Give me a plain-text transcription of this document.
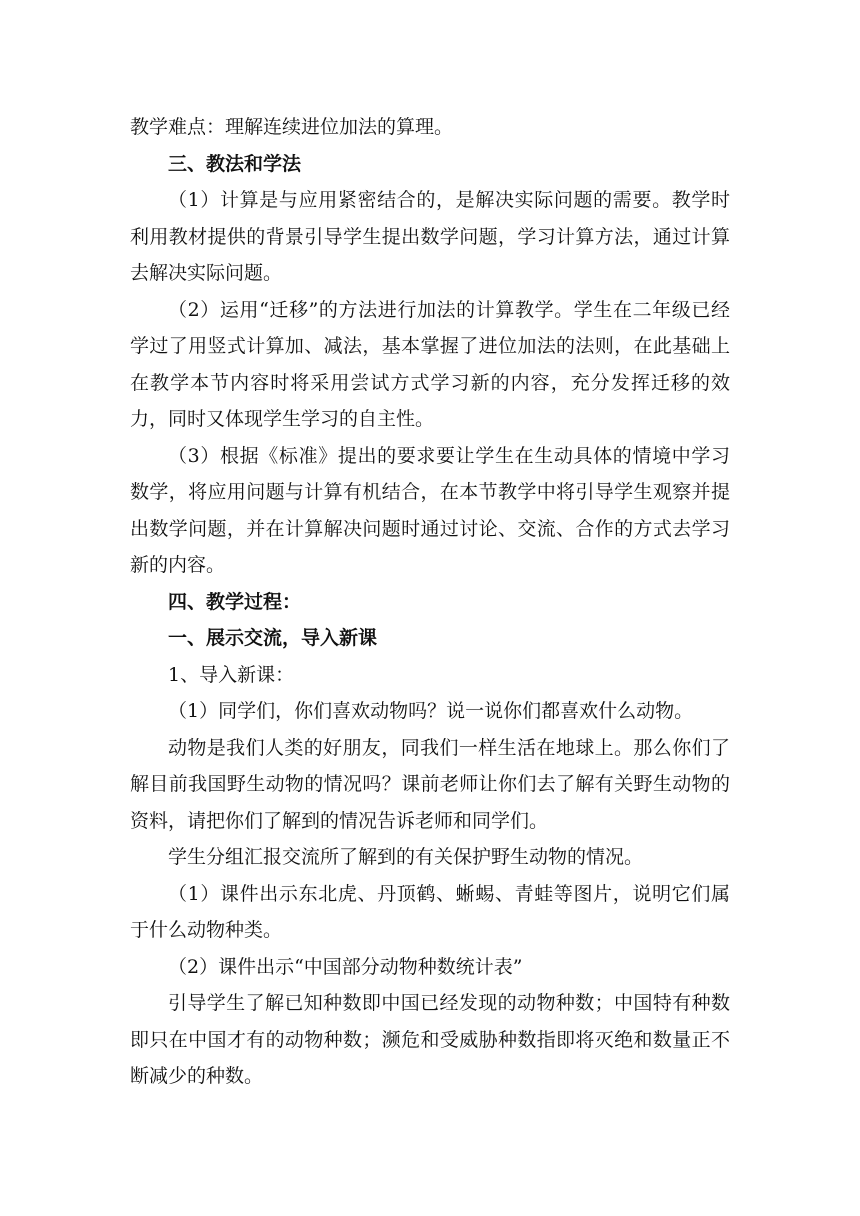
教学难点：理解连续进位加法的算理。

三、教法和学法

（1）计算是与应用紧密结合的，是解决实际问题的需要。教学时利用教材提供的背景引导学生提出数学问题，学习计算方法，通过计算去解决实际问题。

（2）运用“迁移”的方法进行加法的计算教学。学生在二年级已经学过了用竖式计算加、减法，基本掌握了进位加法的法则，在此基础上在教学本节内容时将采用尝试方式学习新的内容，充分发挥迁移的效力，同时又体现学生学习的自主性。

（3）根据《标准》提出的要求要让学生在生动具体的情境中学习数学，将应用问题与计算有机结合，在本节教学中将引导学生观察并提出数学问题，并在计算解决问题时通过讨论、交流、合作的方式去学习新的内容。

四、教学过程：

一、展示交流，导入新课

1、导入新课：

（1）同学们，你们喜欢动物吗？说一说你们都喜欢什么动物。

动物是我们人类的好朋友，同我们一样生活在地球上。那么你们了解目前我国野生动物的情况吗？课前老师让你们去了解有关野生动物的资料，请把你们了解到的情况告诉老师和同学们。

学生分组汇报交流所了解到的有关保护野生动物的情况。

（1）课件出示东北虎、丹顶鹤、蜥蜴、青蛙等图片，说明它们属于什么动物种类。

（2）课件出示“中国部分动物种数统计表”

引导学生了解已知种数即中国已经发现的动物种数；中国特有种数即只在中国才有的动物种数；濒危和受威胁种数指即将灭绝和数量正不断减少的种数。
